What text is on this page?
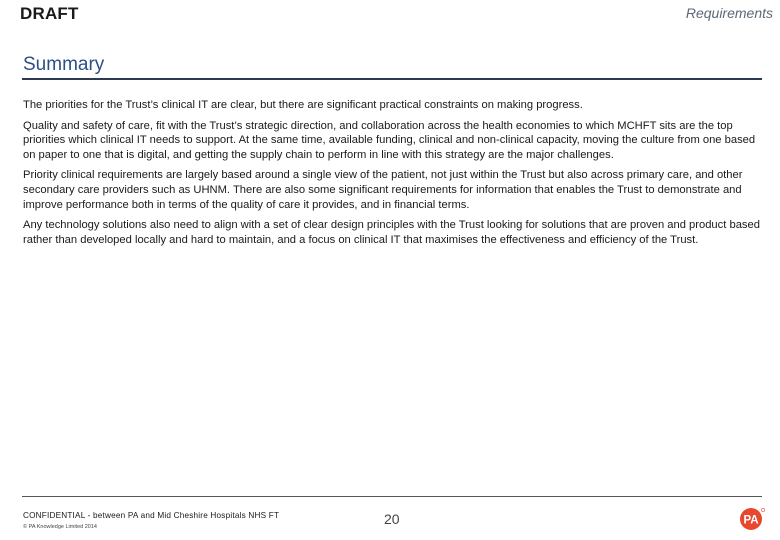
DRAFT	Requirements
Summary

The priorities for the Trust’s clinical IT are clear, but there are significant practical constraints on making progress.

Quality and safety of care, fit with the Trust’s strategic direction, and collaboration across the health economies to which MCHFT sits are the top priorities which clinical IT needs to support. At the same time, available funding, clinical and non-clinical capacity, moving the culture from one based on paper to one that is digital, and getting the supply chain to perform in line with this strategy are the major challenges.

Priority clinical requirements are largely based around a single view of the patient, not just within the Trust but also across primary care, and other secondary care providers such as UHNM. There are also some significant requirements for information that enables the Trust to demonstrate and improve performance both in terms of the quality of care it provides, and in financial terms.

Any technology solutions also need to align with a set of clear design principles with the Trust looking for solutions that are proven and product based rather than developed locally and hard to maintain, and a focus on clinical IT that maximises the effectiveness and efficiency of the Trust.

CONFIDENTIAL - between PA and Mid Cheshire Hospitals NHS FT
© PA Knowledge Limited 2014	20	PA
